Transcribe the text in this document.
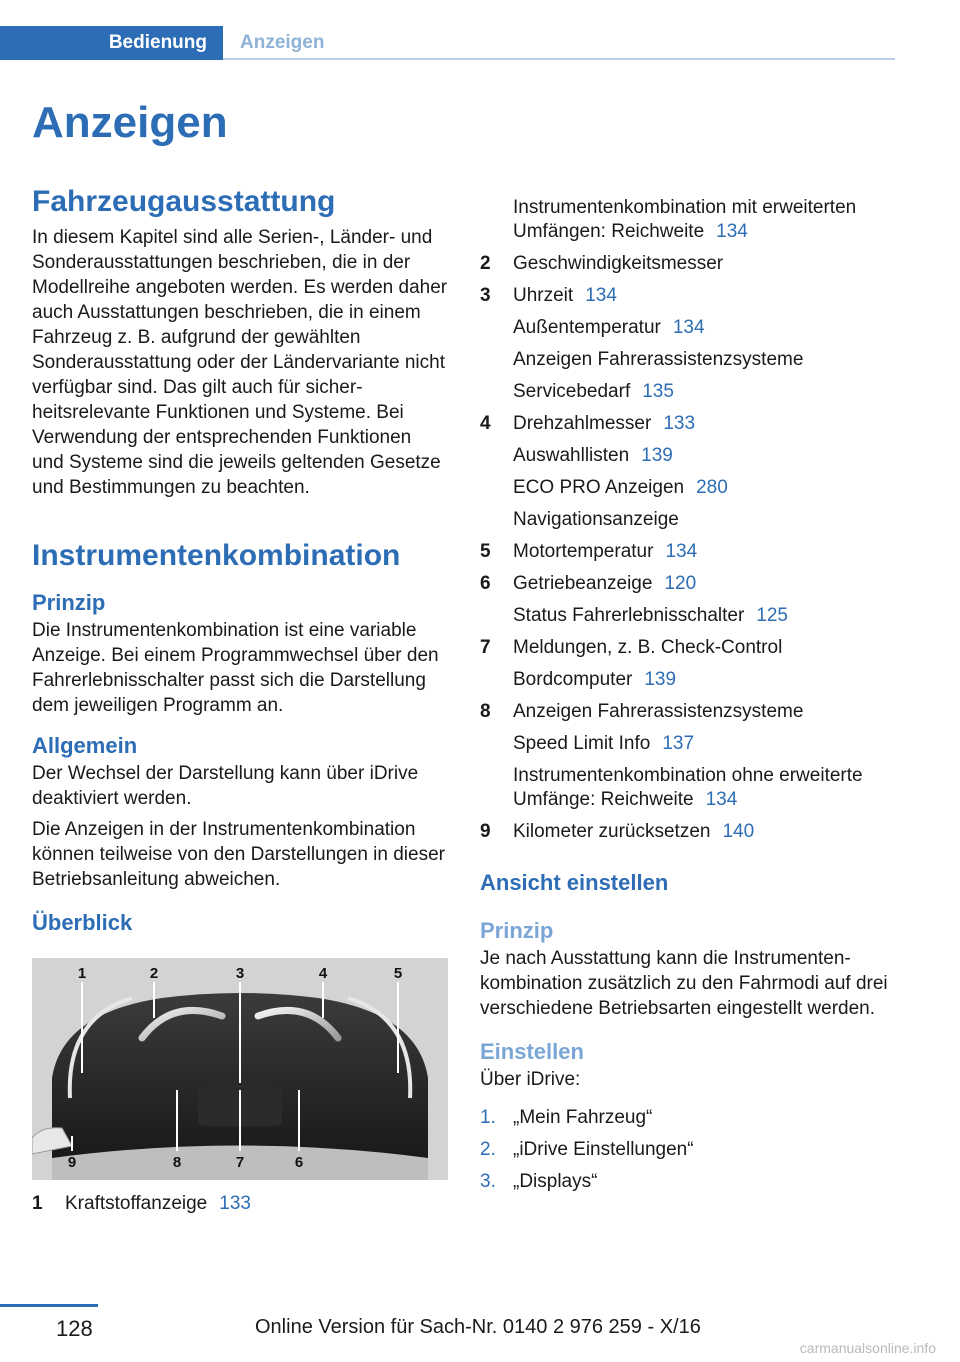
Bedienung	Anzeigen
Anzeigen
Fahrzeugausstattung

In diesem Kapitel sind alle Serien-, Länder- und Sonderausstattungen beschrieben, die in der Modellreihe angeboten werden. Es werden daher auch Ausstattungen beschrieben, die in einem Fahrzeug z. B. aufgrund der gewählten Sonderausstattung oder der Ländervariante nicht verfügbar sind. Das gilt auch für sicherheitsrelevante Funktionen und Systeme. Bei Verwendung der entsprechenden Funktionen und Systeme sind die jeweils geltenden Gesetze und Bestimmungen zu beachten.

Instrumentenkombination
Prinzip

Die Instrumentenkombination ist eine variable Anzeige. Bei einem Programmwechsel über den Fahrerlebnisschalter passt sich die Darstellung dem jeweiligen Programm an.

Allgemein

Der Wechsel der Darstellung kann über iDrive deaktiviert werden.

Die Anzeigen in der Instrumentenkombination können teilweise von den Darstellungen in dieser Betriebsanleitung abweichen.

Überblick
1	2	3	4	5
9	8	7	6
1	Kraftstoffanzeige 133
Instrumentenkombination mit erweiterten Umfängen: Reichweite 134
2	Geschwindigkeitsmesser
3	Uhrzeit 134
Außentemperatur 134
Anzeigen Fahrerassistenzsysteme
Servicebedarf 135
4	Drehzahlmesser 133
Auswahllisten 139
ECO PRO Anzeigen 280
Navigationsanzeige
5	Motortemperatur 134
6	Getriebeanzeige 120
Status Fahrerlebnisschalter 125
7	Meldungen, z. B. Check-Control
Bordcomputer 139
8	Anzeigen Fahrerassistenzsysteme
Speed Limit Info 137
Instrumentenkombination ohne erweiterte Umfänge: Reichweite 134
9	Kilometer zurücksetzen 140
Ansicht einstellen
Prinzip

Je nach Ausstattung kann die Instrumentenkombination zusätzlich zu den Fahrmodi auf drei verschiedene Betriebsarten eingestellt werden.

Einstellen

Über iDrive:

1. „Mein Fahrzeug“
2. „iDrive Einstellungen“
3. „Displays“
128	Online Version für Sach-Nr. 0140 2 976 259 - X/16
carmanualsonline.info
